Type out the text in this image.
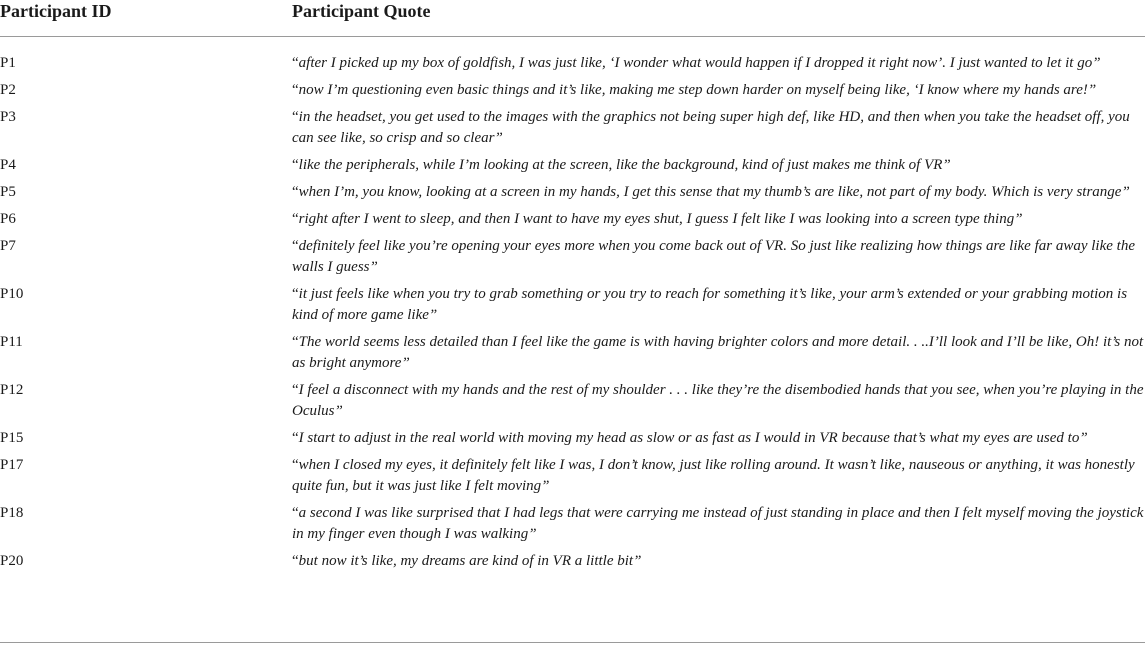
Participant ID	Participant Quote
P1	“after I picked up my box of goldfish, I was just like, ‘I wonder what would happen if I dropped it right now’. I just wanted to let it go”
P2	“now I’m questioning even basic things and it’s like, making me step down harder on myself being like, ‘I know where my hands are!”
P3	“in the headset, you get used to the images with the graphics not being super high def, like HD, and then when you take the headset off, you can see like, so crisp and so clear”
P4	“like the peripherals, while I’m looking at the screen, like the background, kind of just makes me think of VR”
P5	“when I’m, you know, looking at a screen in my hands, I get this sense that my thumb’s are like, not part of my body. Which is very strange”
P6	“right after I went to sleep, and then I want to have my eyes shut, I guess I felt like I was looking into a screen type thing”
P7	“definitely feel like you’re opening your eyes more when you come back out of VR. So just like realizing how things are like far away like the walls I guess”
P10	“it just feels like when you try to grab something or you try to reach for something it’s like, your arm’s extended or your grabbing motion is kind of more game like”
P11	“The world seems less detailed than I feel like the game is with having brighter colors and more detail. . ..I’ll look and I’ll be like, Oh! it’s not as bright anymore”
P12	“I feel a disconnect with my hands and the rest of my shoulder . . . like they’re the disembodied hands that you see, when you’re playing in the Oculus”
P15	“I start to adjust in the real world with moving my head as slow or as fast as I would in VR because that’s what my eyes are used to”
P17	“when I closed my eyes, it definitely felt like I was, I don’t know, just like rolling around. It wasn’t like, nauseous or anything, it was honestly quite fun, but it was just like I felt moving”
P18	“a second I was like surprised that I had legs that were carrying me instead of just standing in place and then I felt myself moving the joystick in my finger even though I was walking”
P20	“but now it’s like, my dreams are kind of in VR a little bit”
